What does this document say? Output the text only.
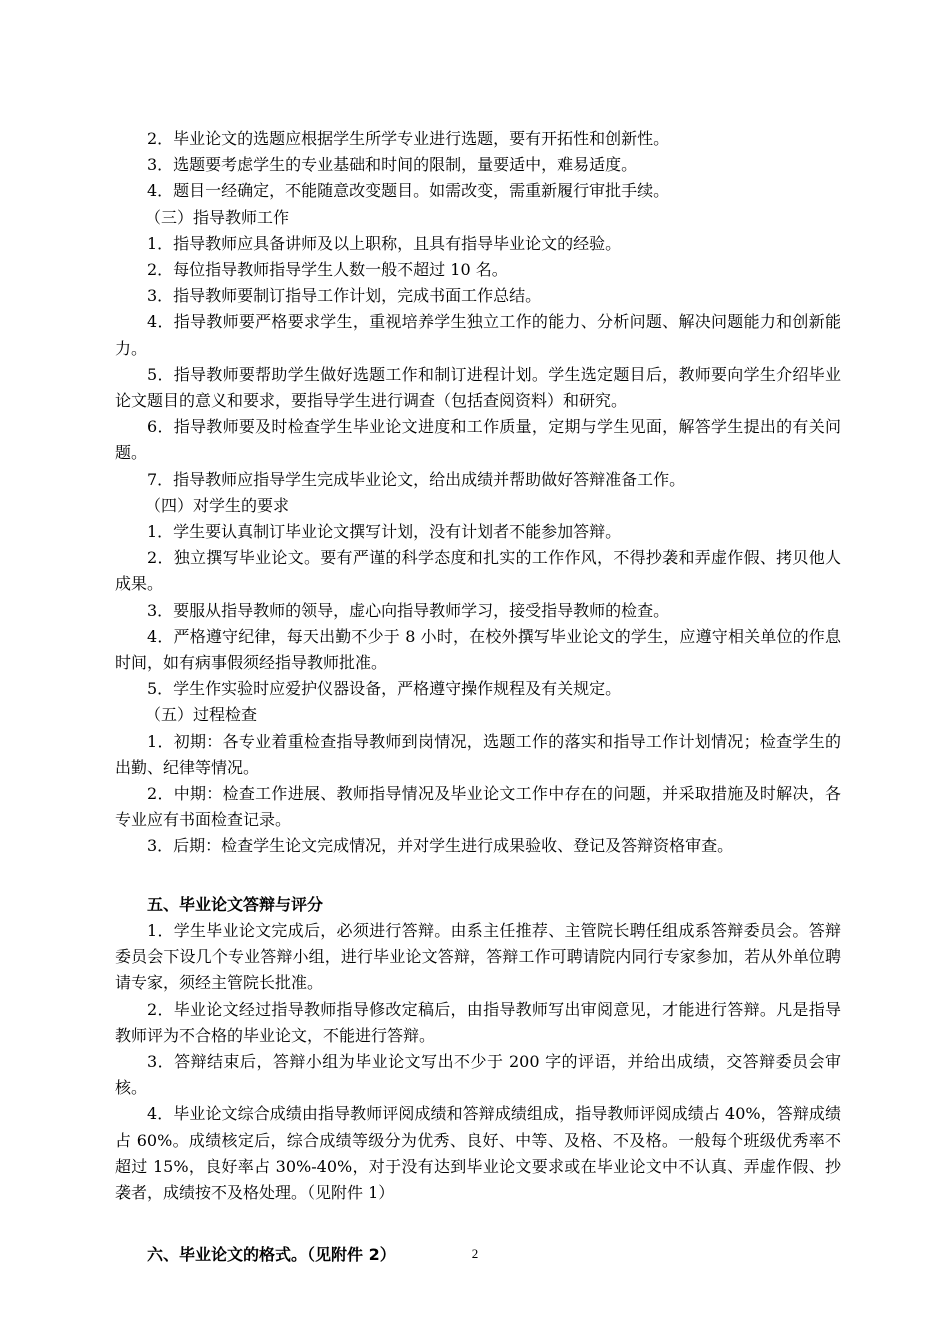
2．毕业论文的选题应根据学生所学专业进行选题，要有开拓性和创新性。

3．选题要考虑学生的专业基础和时间的限制，量要适中，难易适度。

4．题目一经确定，不能随意改变题目。如需改变，需重新履行审批手续。

（三）指导教师工作

1．指导教师应具备讲师及以上职称，且具有指导毕业论文的经验。

2．每位指导教师指导学生人数一般不超过 10 名。

3．指导教师要制订指导工作计划，完成书面工作总结。

4．指导教师要严格要求学生，重视培养学生独立工作的能力、分析问题、解决问题能力和创新能力。

5．指导教师要帮助学生做好选题工作和制订进程计划。学生选定题目后，教师要向学生介绍毕业论文题目的意义和要求，要指导学生进行调查（包括查阅资料）和研究。

6．指导教师要及时检查学生毕业论文进度和工作质量，定期与学生见面，解答学生提出的有关问题。

7．指导教师应指导学生完成毕业论文，给出成绩并帮助做好答辩准备工作。

（四）对学生的要求

1．学生要认真制订毕业论文撰写计划，没有计划者不能参加答辩。

2．独立撰写毕业论文。要有严谨的科学态度和扎实的工作作风，不得抄袭和弄虚作假、拷贝他人成果。

3．要服从指导教师的领导，虚心向指导教师学习，接受指导教师的检查。

4．严格遵守纪律，每天出勤不少于 8 小时，在校外撰写毕业论文的学生，应遵守相关单位的作息时间，如有病事假须经指导教师批准。

5．学生作实验时应爱护仪器设备，严格遵守操作规程及有关规定。

（五）过程检查

1．初期：各专业着重检查指导教师到岗情况，选题工作的落实和指导工作计划情况；检查学生的出勤、纪律等情况。

2．中期：检查工作进展、教师指导情况及毕业论文工作中存在的问题，并采取措施及时解决，各专业应有书面检查记录。

3．后期：检查学生论文完成情况，并对学生进行成果验收、登记及答辩资格审查。

五、毕业论文答辩与评分

1．学生毕业论文完成后，必须进行答辩。由系主任推荐、主管院长聘任组成系答辩委员会。答辩委员会下设几个专业答辩小组，进行毕业论文答辩，答辩工作可聘请院内同行专家参加，若从外单位聘请专家，须经主管院长批准。

2．毕业论文经过指导教师指导修改定稿后，由指导教师写出审阅意见，才能进行答辩。凡是指导教师评为不合格的毕业论文，不能进行答辩。

3．答辩结束后，答辩小组为毕业论文写出不少于 200 字的评语，并给出成绩，交答辩委员会审核。

4．毕业论文综合成绩由指导教师评阅成绩和答辩成绩组成，指导教师评阅成绩占 40%，答辩成绩占 60%。成绩核定后，综合成绩等级分为优秀、良好、中等、及格、不及格。一般每个班级优秀率不超过 15%，良好率占 30%-40%，对于没有达到毕业论文要求或在毕业论文中不认真、弄虚作假、抄袭者，成绩按不及格处理。（见附件 1）

六、毕业论文的格式。（见附件 2）	2
